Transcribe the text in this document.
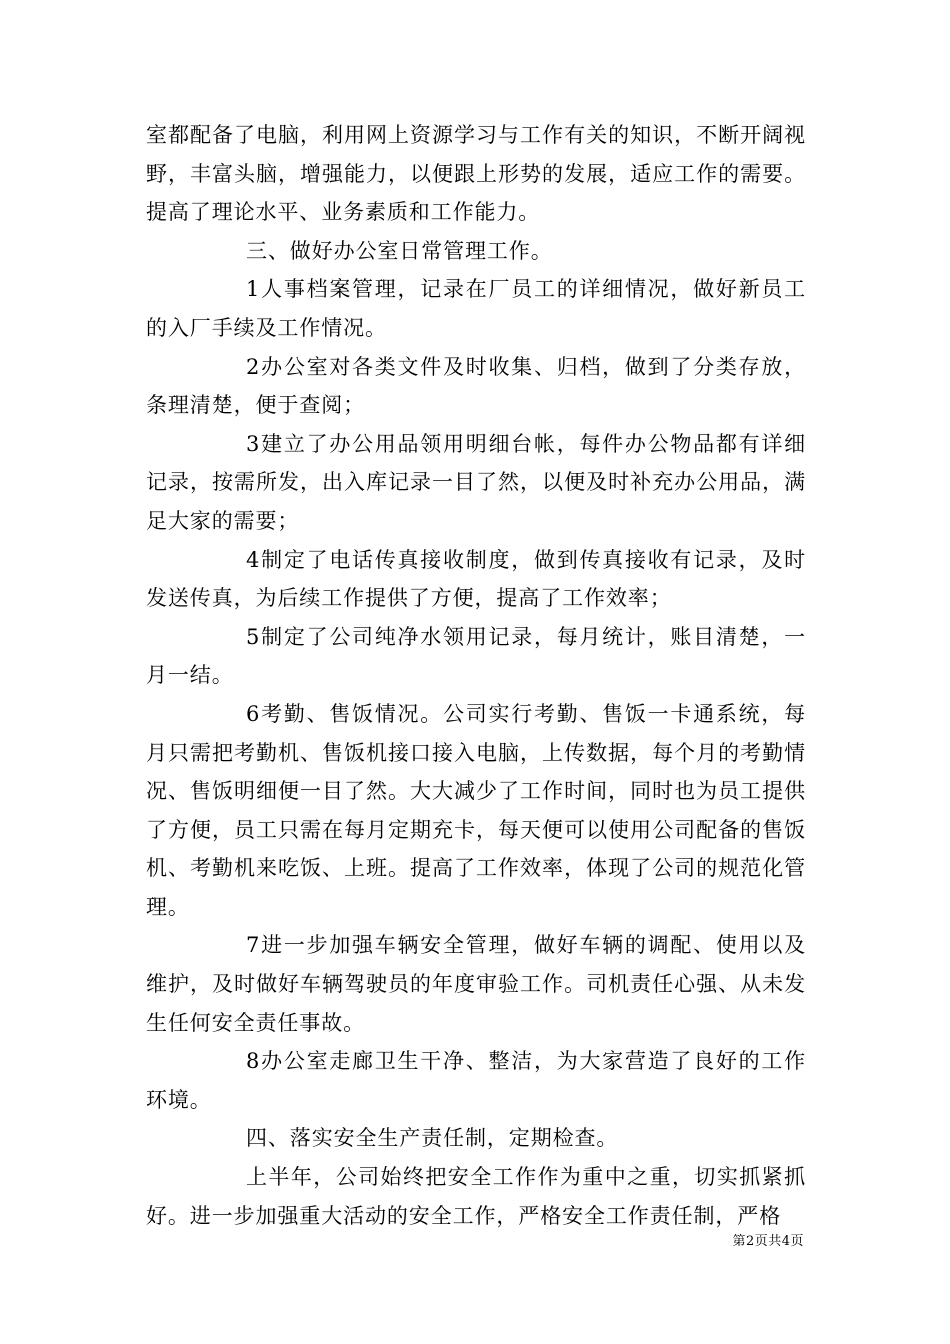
室都配备了电脑，利用网上资源学习与工作有关的知识，不断开阔视野，丰富头脑，增强能力，以便跟上形势的发展，适应工作的需要。提高了理论水平、业务素质和工作能力。

三、做好办公室日常管理工作。

1人事档案管理，记录在厂员工的详细情况，做好新员工的入厂手续及工作情况。

2办公室对各类文件及时收集、归档，做到了分类存放，条理清楚，便于查阅；

3建立了办公用品领用明细台帐，每件办公物品都有详细记录，按需所发，出入库记录一目了然，以便及时补充办公用品，满足大家的需要；

4制定了电话传真接收制度，做到传真接收有记录，及时发送传真，为后续工作提供了方便，提高了工作效率；

5制定了公司纯净水领用记录，每月统计，账目清楚，一月一结。

6考勤、售饭情况。公司实行考勤、售饭一卡通系统，每月只需把考勤机、售饭机接口接入电脑，上传数据，每个月的考勤情况、售饭明细便一目了然。大大减少了工作时间，同时也为员工提供了方便，员工只需在每月定期充卡，每天便可以使用公司配备的售饭机、考勤机来吃饭、上班。提高了工作效率，体现了公司的规范化管理。

7进一步加强车辆安全管理，做好车辆的调配、使用以及维护，及时做好车辆驾驶员的年度审验工作。司机责任心强、从未发生任何安全责任事故。

8办公室走廊卫生干净、整洁，为大家营造了良好的工作环境。

四、落实安全生产责任制，定期检查。

上半年，公司始终把安全工作作为重中之重，切实抓紧抓好。进一步加强重大活动的安全工作，严格安全工作责任制，严格

第2页共4页
